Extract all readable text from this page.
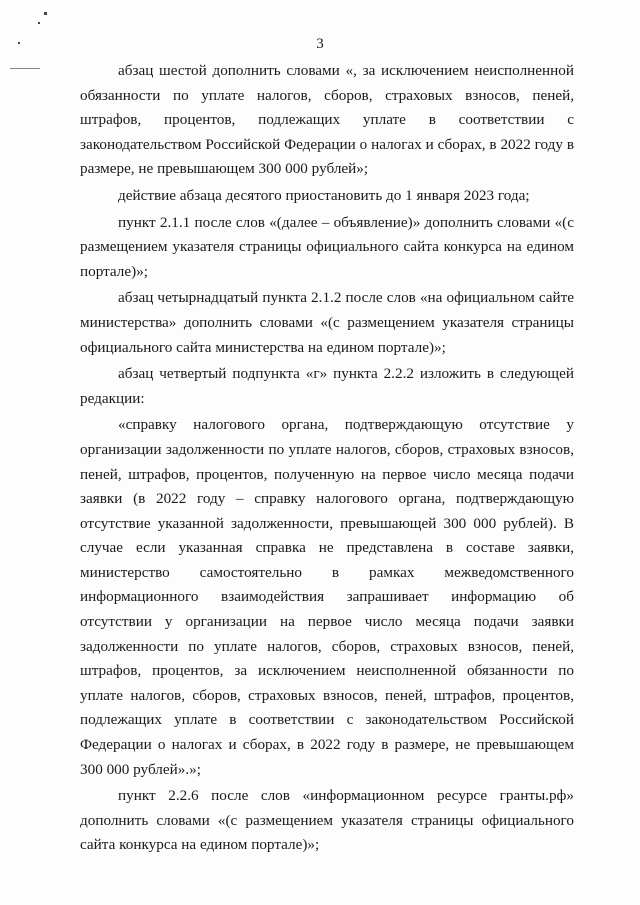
3

абзац шестой дополнить словами «, за исключением неисполненной обязанности по уплате налогов, сборов, страховых взносов, пеней, штрафов, процентов, подлежащих уплате в соответствии с законодательством Российской Федерации о налогах и сборах, в 2022 году в размере, не превышающем 300 000 рублей»;

действие абзаца десятого приостановить до 1 января 2023 года;

пункт 2.1.1 после слов «(далее – объявление)» дополнить словами «(с размещением указателя страницы официального сайта конкурса на едином портале)»;

абзац четырнадцатый пункта 2.1.2 после слов «на официальном сайте министерства» дополнить словами «(с размещением указателя страницы официального сайта министерства на едином портале)»;

абзац четвертый подпункта «г» пункта 2.2.2 изложить в следующей редакции:

«справку налогового органа, подтверждающую отсутствие у организации задолженности по уплате налогов, сборов, страховых взносов, пеней, штрафов, процентов, полученную на первое число месяца подачи заявки (в 2022 году – справку налогового органа, подтверждающую отсутствие указанной задолженности, превышающей 300 000 рублей). В случае если указанная справка не представлена в составе заявки, министерство самостоятельно в рамках межведомственного информационного взаимодействия запрашивает информацию об отсутствии у организации на первое число месяца подачи заявки задолженности по уплате налогов, сборов, страховых взносов, пеней, штрафов, процентов, за исключением неисполненной обязанности по уплате налогов, сборов, страховых взносов, пеней, штрафов, процентов, подлежащих уплате в соответствии с законодательством Российской Федерации о налогах и сборах, в 2022 году в размере, не превышающем 300 000 рублей».»;

пункт 2.2.6 после слов «информационном ресурсе гранты.рф» дополнить словами «(с размещением указателя страницы официального сайта конкурса на едином портале)»;
